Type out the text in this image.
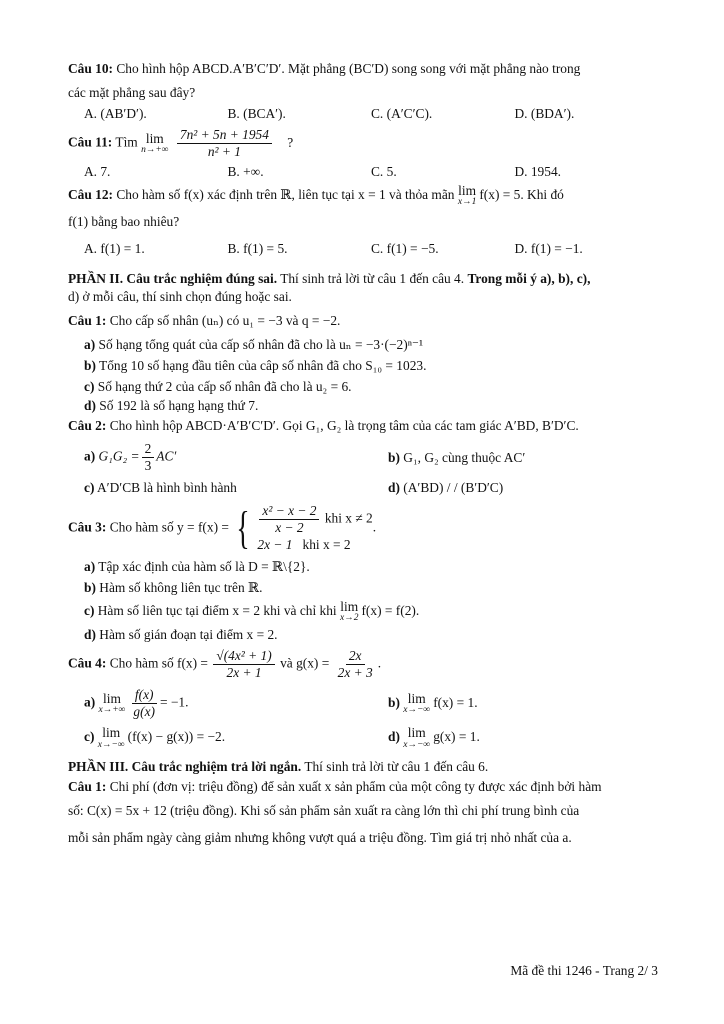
Câu 10: Cho hình hộp ABCD.A′B′C′D′. Mặt phẳng (BC′D) song song với mặt phẳng nào trong

các mặt phẳng sau đây?

A. (AB′D′).	B. (BCA′).	C. (A′C′C).	D. (BDA′).

Câu 11: Tìm lim
n→+∞
$\frac{\text{7n² + 5n + 1954}}{\text{n² + 1}}$ ?

A. 7.	B. +∞.	C. 5.	D. 1954.

Câu 12: Cho hàm số f(x) xác định trên ℝ, liên tục tại x = 1 và thỏa mãn lim
x→1
f(x) = 5. Khi đó

f(1) bằng bao nhiêu?

A. f(1) = 1.	B. f(1) = 5.	C. f(1) = −5.	D. f(1) = −1.

PHẦN II. Câu trắc nghiệm đúng sai. Thí sinh trả lời từ câu 1 đến câu 4. Trong mỗi ý a), b), c),

d) ở mỗi câu, thí sinh chọn đúng hoặc sai.

Câu 1: Cho cấp số nhân (uₙ) có u₁ = −3 và q = −2.

a) Số hạng tổng quát của cấp số nhân đã cho là uₙ = −3·(−2)ⁿ⁻¹

b) Tổng 10 số hạng đầu tiên của câp số nhân đã cho S₁₀ = 1023.

c) Số hạng thứ 2 của cấp số nhân đã cho là u₂ = 6.

d) Số 192 là số hạng hạng thứ 7.

Câu 2: Cho hình hộp ABCD·A′B′C′D′. Gọi G₁, G₂ là trọng tâm của các tam giác A′BD, B′D′C.

a) $G_1G_2 = \frac{2}{3} AC'$	b) G₁, G₂ cùng thuộc AC′
c) A′D′CB là hình bình hành	d) (A′BD) / / (B′D′C)

Câu 3: Cho hàm số y = f(x) = { $\frac{\text{x² − x − 2}}{x - 2}$ khi x ≠ 2
2x − 1 khi x = 2
.

a) Tập xác định của hàm số là D = ℝ\{2}.

b) Hàm số không liên tục trên ℝ.

c) Hàm số liên tục tại điểm x = 2 khi và chỉ khi lim
x→2
f(x) = f(2).

d) Hàm số gián đoạn tại điểm x = 2.

Câu 4: Cho hàm số $f(x) = \frac{\text{√(4x² + 1)}}{2x + 1}$ và $g(x) = \frac{2x}{2x + 3}$ .

a) lim
$x\to+\infty \frac{f(x)}{g(x)} = -1$.	b) lim
x→−∞
f(x) = 1.
c) lim
x→−∞
(f(x) − g(x)) = −2.	d) lim
x→−∞
g(x) = 1.

PHẦN III. Câu trắc nghiệm trả lời ngắn. Thí sinh trả lời từ câu 1 đến câu 6.

Câu 1: Chi phí (đơn vị: triệu đồng) để sản xuất x sản phẩm của một công ty được xác định bởi hàm

số: C(x) = 5x + 12 (triệu đồng). Khi số sản phẩm sản xuất ra càng lớn thì chi phí trung bình của

mỗi sản phẩm ngày càng giảm nhưng không vượt quá a triệu đồng. Tìm giá trị nhỏ nhất của a.

Mã đề thi 1246 - Trang 2/ 3
